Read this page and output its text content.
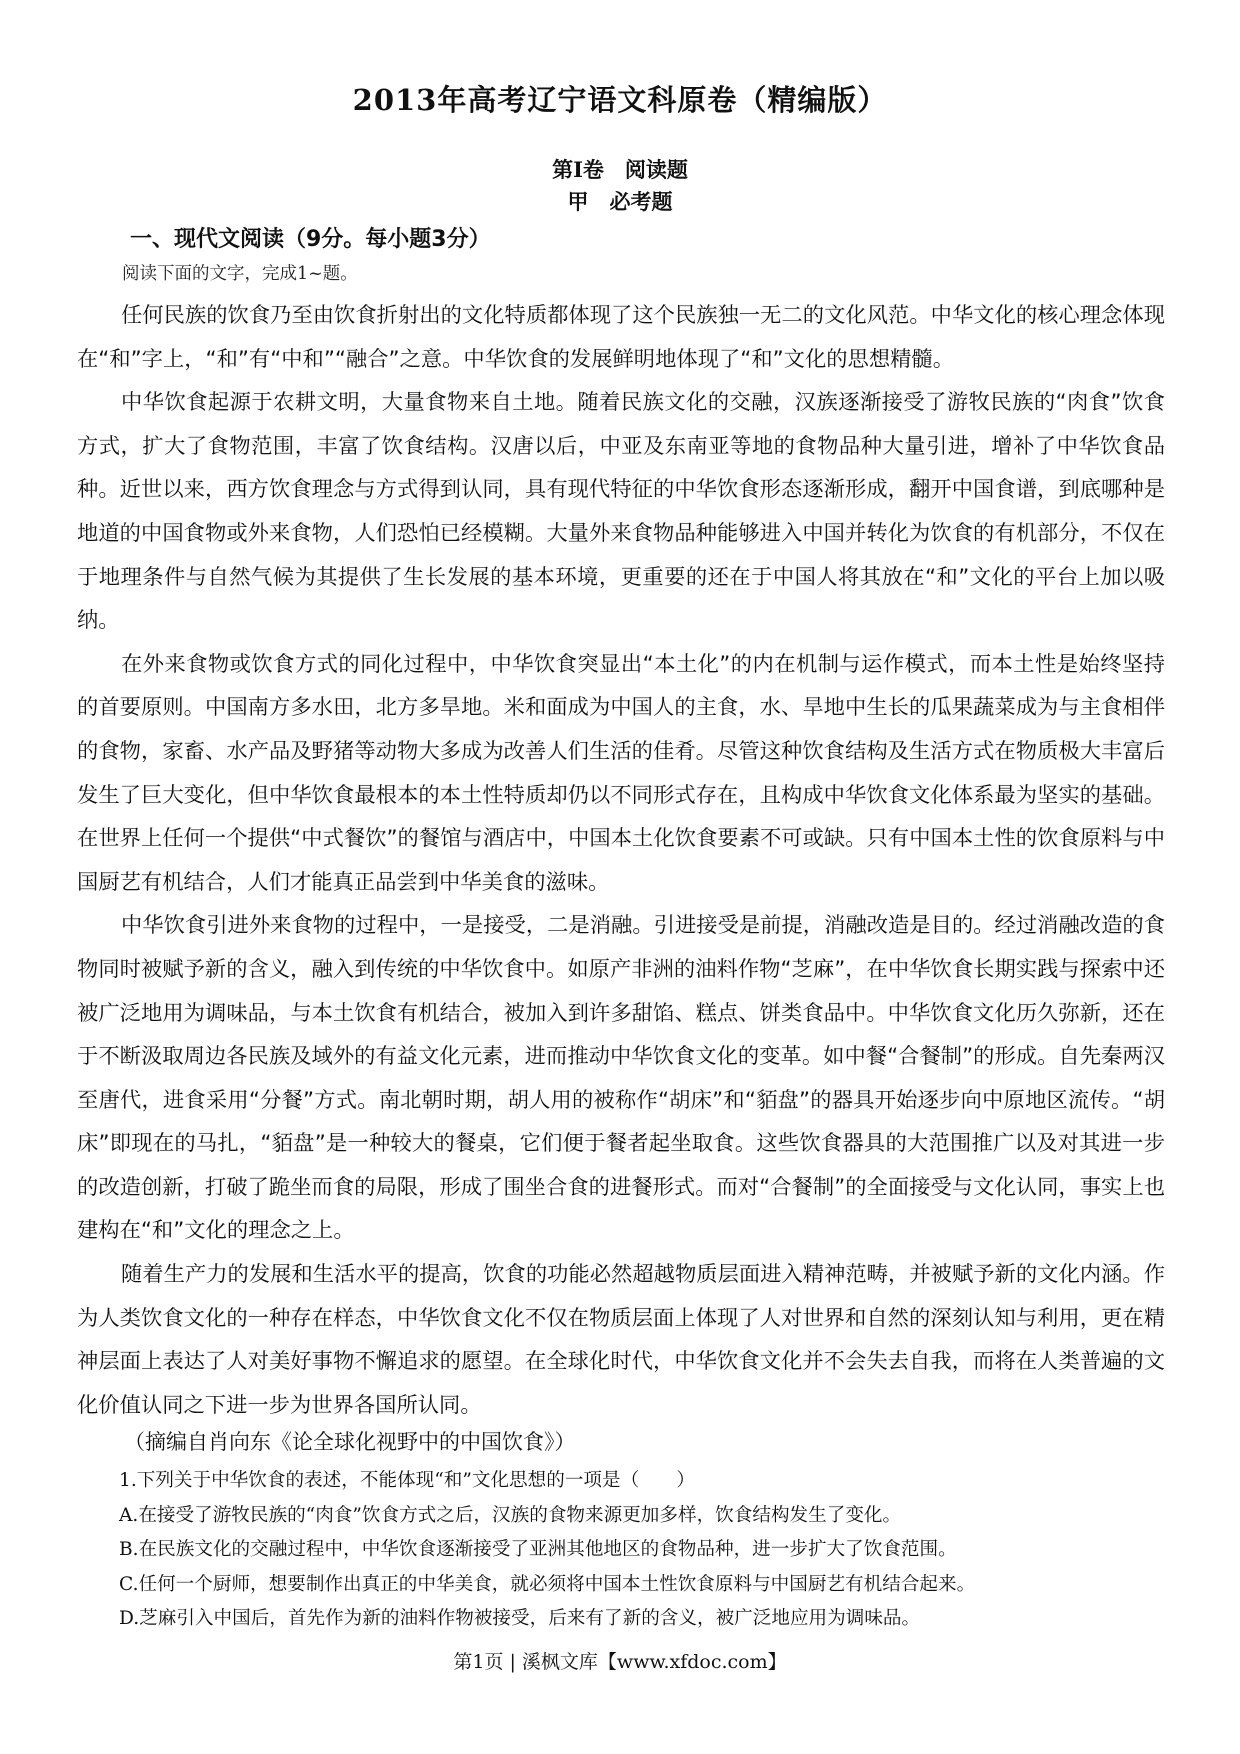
2013年高考辽宁语文科原卷（精编版）
第Ⅰ卷　阅读题
甲　必考题
一、现代文阅读（9分。每小题3分）
阅读下面的文字，完成1~题。

任何民族的饮食乃至由饮食折射出的文化特质都体现了这个民族独一无二的文化风范。中华文化的核心理念体现在“和”字上，“和”有“中和”“融合”之意。中华饮食的发展鲜明地体现了“和”文化的思想精髓。

中华饮食起源于农耕文明，大量食物来自土地。随着民族文化的交融，汉族逐渐接受了游牧民族的“肉食”饮食方式，扩大了食物范围，丰富了饮食结构。汉唐以后，中亚及东南亚等地的食物品种大量引进，增补了中华饮食品种。近世以来，西方饮食理念与方式得到认同，具有现代特征的中华饮食形态逐渐形成，翻开中国食谱，到底哪种是地道的中国食物或外来食物，人们恐怕已经模糊。大量外来食物品种能够进入中国并转化为饮食的有机部分，不仅在于地理条件与自然气候为其提供了生长发展的基本环境，更重要的还在于中国人将其放在“和”文化的平台上加以吸纳。

在外来食物或饮食方式的同化过程中，中华饮食突显出“本土化”的内在机制与运作模式，而本土性是始终坚持的首要原则。中国南方多水田，北方多旱地。米和面成为中国人的主食，水、旱地中生长的瓜果蔬菜成为与主食相伴的食物，家畜、水产品及野猪等动物大多成为改善人们生活的佳肴。尽管这种饮食结构及生活方式在物质极大丰富后发生了巨大变化，但中华饮食最根本的本土性特质却仍以不同形式存在，且构成中华饮食文化体系最为坚实的基础。在世界上任何一个提供“中式餐饮”的餐馆与酒店中，中国本土化饮食要素不可或缺。只有中国本土性的饮食原料与中国厨艺有机结合，人们才能真正品尝到中华美食的滋味。

中华饮食引进外来食物的过程中，一是接受，二是消融。引进接受是前提，消融改造是目的。经过消融改造的食物同时被赋予新的含义，融入到传统的中华饮食中。如原产非洲的油料作物“芝麻”，在中华饮食长期实践与探索中还被广泛地用为调味品，与本土饮食有机结合，被加入到许多甜馅、糕点、饼类食品中。中华饮食文化历久弥新，还在于不断汲取周边各民族及域外的有益文化元素，进而推动中华饮食文化的变革。如中餐“合餐制”的形成。自先秦两汉至唐代，进食采用“分餐”方式。南北朝时期，胡人用的被称作“胡床”和“貊盘”的器具开始逐步向中原地区流传。“胡床”即现在的马扎，“貊盘”是一种较大的餐桌，它们便于餐者起坐取食。这些饮食器具的大范围推广以及对其进一步的改造创新，打破了跪坐而食的局限，形成了围坐合食的进餐形式。而对“合餐制”的全面接受与文化认同，事实上也建构在“和”文化的理念之上。

随着生产力的发展和生活水平的提高，饮食的功能必然超越物质层面进入精神范畴，并被赋予新的文化内涵。作为人类饮食文化的一种存在样态，中华饮食文化不仅在物质层面上体现了人对世界和自然的深刻认知与利用，更在精神层面上表达了人对美好事物不懈追求的愿望。在全球化时代，中华饮食文化并不会失去自我，而将在人类普遍的文化价值认同之下进一步为世界各国所认同。

（摘编自肖向东《论全球化视野中的中国饮食》）
1.下列关于中华饮食的表述，不能体现“和”文化思想的一项是（　　）
A.在接受了游牧民族的“肉食”饮食方式之后，汉族的食物来源更加多样，饮食结构发生了变化。
B.在民族文化的交融过程中，中华饮食逐渐接受了亚洲其他地区的食物品种，进一步扩大了饮食范围。
C.任何一个厨师，想要制作出真正的中华美食，就必须将中国本土性饮食原料与中国厨艺有机结合起来。
D.芝麻引入中国后，首先作为新的油料作物被接受，后来有了新的含义，被广泛地应用为调味品。
第1页 | 溪枫文库【www.xfdoc.com】
